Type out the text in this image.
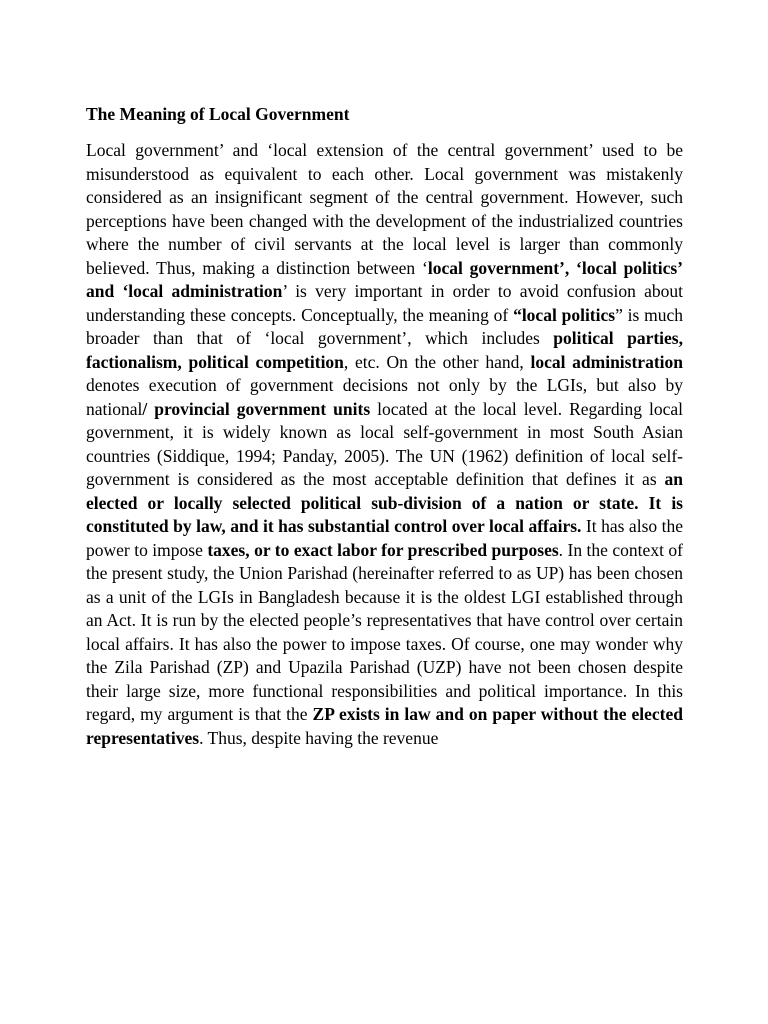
The Meaning of Local Government

Local government’ and ‘local extension of the central government’ used to be misunderstood as equivalent to each other. Local government was mistakenly considered as an insignificant segment of the central government. However, such perceptions have been changed with the development of the industrialized countries where the number of civil servants at the local level is larger than commonly believed. Thus, making a distinction between ‘local government’, ‘local politics’ and ‘local administration’ is very important in order to avoid confusion about understanding these concepts. Conceptually, the meaning of “local politics” is much broader than that of ‘local government’, which includes political parties, factionalism, political competition, etc. On the other hand, local administration denotes execution of government decisions not only by the LGIs, but also by national/ provincial government units located at the local level. Regarding local government, it is widely known as local self-government in most South Asian countries (Siddique, 1994; Panday, 2005). The UN (1962) definition of local self-government is considered as the most acceptable definition that defines it as an elected or locally selected political sub-division of a nation or state. It is constituted by law, and it has substantial control over local affairs. It has also the power to impose taxes, or to exact labor for prescribed purposes. In the context of the present study, the Union Parishad (hereinafter referred to as UP) has been chosen as a unit of the LGIs in Bangladesh because it is the oldest LGI established through an Act. It is run by the elected people’s representatives that have control over certain local affairs. It has also the power to impose taxes. Of course, one may wonder why the Zila Parishad (ZP) and Upazila Parishad (UZP) have not been chosen despite their large size, more functional responsibilities and political importance. In this regard, my argument is that the ZP exists in law and on paper without the elected representatives. Thus, despite having the revenue
